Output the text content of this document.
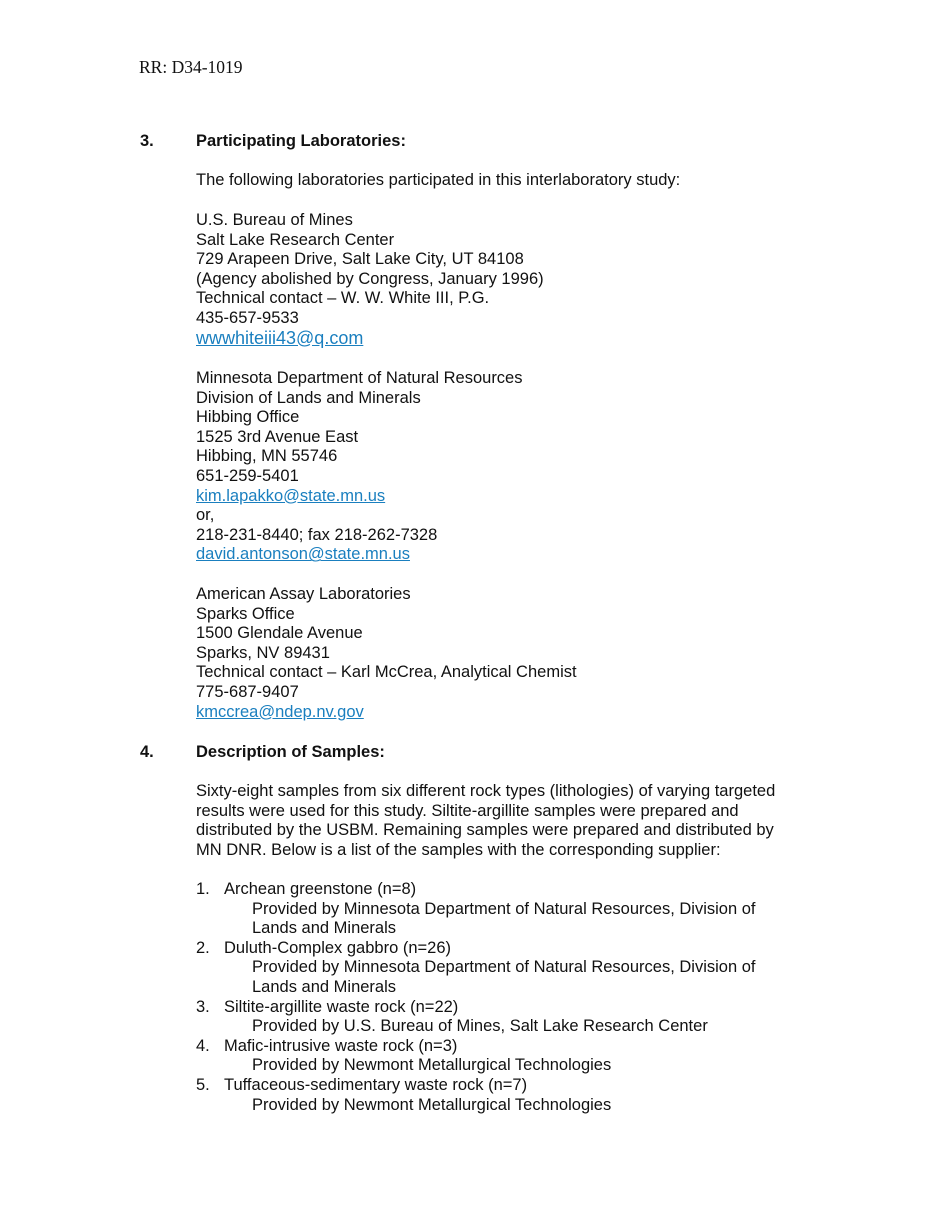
RR: D34-1019
3.	Participating Laboratories:
The following laboratories participated in this interlaboratory study:
U.S. Bureau of Mines
Salt Lake Research Center
729 Arapeen Drive, Salt Lake City, UT 84108
(Agency abolished by Congress, January 1996)
Technical contact – W. W. White III, P.G.
435-657-9533
wwwhiteiii43@q.com
Minnesota Department of Natural Resources
Division of Lands and Minerals
Hibbing Office
1525 3rd Avenue East
Hibbing, MN 55746
651-259-5401
kim.lapakko@state.mn.us
or,
218-231-8440; fax 218-262-7328
david.antonson@state.mn.us
American Assay Laboratories
Sparks Office
1500 Glendale Avenue
Sparks, NV 89431
Technical contact – Karl McCrea, Analytical Chemist
775-687-9407
kmccrea@ndep.nv.gov
4.	Description of Samples:
Sixty-eight samples from six different rock types (lithologies) of varying targeted
results were used for this study. Siltite-argillite samples were prepared and
distributed by the USBM. Remaining samples were prepared and distributed by
MN DNR. Below is a list of the samples with the corresponding supplier:
1. Archean greenstone (n=8)
Provided by Minnesota Department of Natural Resources, Division of
Lands and Minerals
2. Duluth-Complex gabbro (n=26)
Provided by Minnesota Department of Natural Resources, Division of
Lands and Minerals
3. Siltite-argillite waste rock (n=22)
Provided by U.S. Bureau of Mines, Salt Lake Research Center
4. Mafic-intrusive waste rock (n=3)
Provided by Newmont Metallurgical Technologies
5. Tuffaceous-sedimentary waste rock (n=7)
Provided by Newmont Metallurgical Technologies
